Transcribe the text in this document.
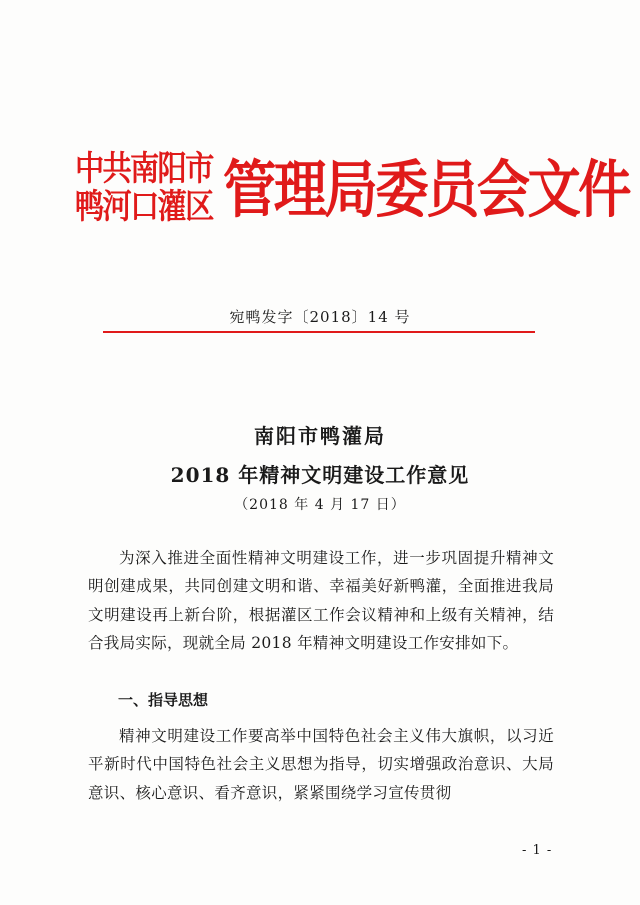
中共南阳市
鸭河口灌区 管理局委员会文件
宛鸭发字〔2018〕14 号
南阳市鸭灌局
2018 年精神文明建设工作意见
（2018 年 4 月 17 日）
为深入推进全面性精神文明建设工作，进一步巩固提升精神文明创建成果，共同创建文明和谐、幸福美好新鸭灌，全面推进我局文明建设再上新台阶，根据灌区工作会议精神和上级有关精神，结合我局实际，现就全局 2018 年精神文明建设工作安排如下。
一、指导思想
精神文明建设工作要高举中国特色社会主义伟大旗帜，以习近平新时代中国特色社会主义思想为指导，切实增强政治意识、大局意识、核心意识、看齐意识，紧紧围绕学习宣传贯彻
- 1 -
